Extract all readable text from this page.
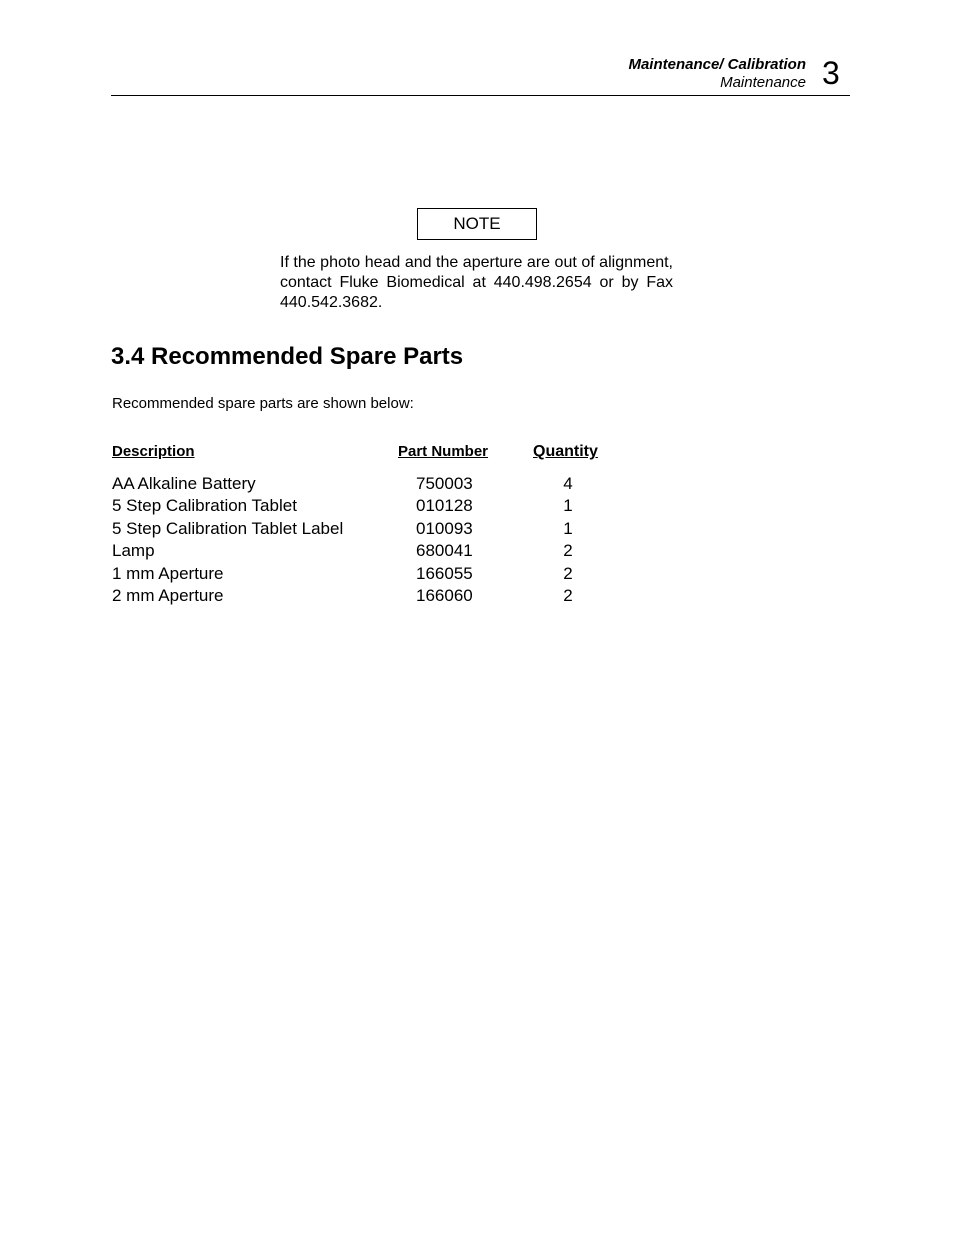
Maintenance/ Calibration
Maintenance 3
NOTE
If the photo head and the aperture are out of alignment, contact Fluke Biomedical at 440.498.2654 or by Fax 440.542.3682.
3.4 Recommended Spare Parts
Recommended spare parts are shown below:
Description	Part Number	Quantity
AA Alkaline Battery	750003	4
5 Step Calibration Tablet	010128	1
5 Step Calibration Tablet Label	010093	1
Lamp	680041	2
1 mm Aperture	166055	2
2 mm Aperture	166060	2
